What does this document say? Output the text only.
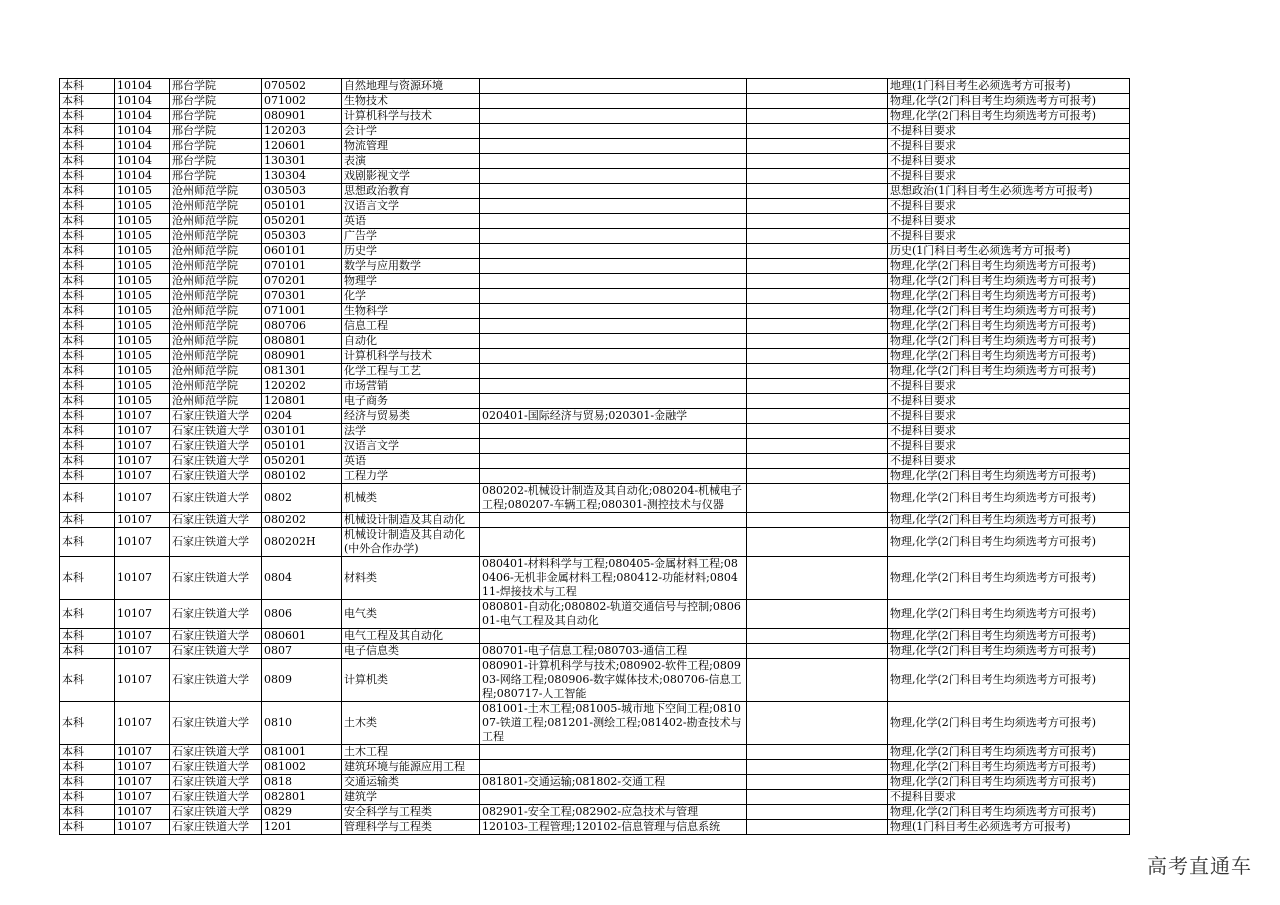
本科	10104	邢台学院	070502	自然地理与资源环境			地理(1门科目考生必须选考方可报考)
本科	10104	邢台学院	071002	生物技术			物理,化学(2门科目考生均须选考方可报考)
本科	10104	邢台学院	080901	计算机科学与技术			物理,化学(2门科目考生均须选考方可报考)
本科	10104	邢台学院	120203	会计学			不提科目要求
本科	10104	邢台学院	120601	物流管理			不提科目要求
本科	10104	邢台学院	130301	表演			不提科目要求
本科	10104	邢台学院	130304	戏剧影视文学			不提科目要求
本科	10105	沧州师范学院	030503	思想政治教育			思想政治(1门科目考生必须选考方可报考)
本科	10105	沧州师范学院	050101	汉语言文学			不提科目要求
本科	10105	沧州师范学院	050201	英语			不提科目要求
本科	10105	沧州师范学院	050303	广告学			不提科目要求
本科	10105	沧州师范学院	060101	历史学			历史(1门科目考生必须选考方可报考)
本科	10105	沧州师范学院	070101	数学与应用数学			物理,化学(2门科目考生均须选考方可报考)
本科	10105	沧州师范学院	070201	物理学			物理,化学(2门科目考生均须选考方可报考)
本科	10105	沧州师范学院	070301	化学			物理,化学(2门科目考生均须选考方可报考)
本科	10105	沧州师范学院	071001	生物科学			物理,化学(2门科目考生均须选考方可报考)
本科	10105	沧州师范学院	080706	信息工程			物理,化学(2门科目考生均须选考方可报考)
本科	10105	沧州师范学院	080801	自动化			物理,化学(2门科目考生均须选考方可报考)
本科	10105	沧州师范学院	080901	计算机科学与技术			物理,化学(2门科目考生均须选考方可报考)
本科	10105	沧州师范学院	081301	化学工程与工艺			物理,化学(2门科目考生均须选考方可报考)
本科	10105	沧州师范学院	120202	市场营销			不提科目要求
本科	10105	沧州师范学院	120801	电子商务			不提科目要求
本科	10107	石家庄铁道大学	0204	经济与贸易类	020401-国际经济与贸易;020301-金融学		不提科目要求
本科	10107	石家庄铁道大学	030101	法学			不提科目要求
本科	10107	石家庄铁道大学	050101	汉语言文学			不提科目要求
本科	10107	石家庄铁道大学	050201	英语			不提科目要求
本科	10107	石家庄铁道大学	080102	工程力学			物理,化学(2门科目考生均须选考方可报考)
本科	10107	石家庄铁道大学	0802	机械类	080202-机械设计制造及其自动化;080204-机械电子工程;080207-车辆工程;080301-测控技术与仪器		物理,化学(2门科目考生均须选考方可报考)
本科	10107	石家庄铁道大学	080202	机械设计制造及其自动化			物理,化学(2门科目考生均须选考方可报考)
本科	10107	石家庄铁道大学	080202H	机械设计制造及其自动化(中外合作办学)			物理,化学(2门科目考生均须选考方可报考)
本科	10107	石家庄铁道大学	0804	材料类	080401-材料科学与工程;080405-金属材料工程;080406-无机非金属材料工程;080412-功能材料;080411-焊接技术与工程		物理,化学(2门科目考生均须选考方可报考)
本科	10107	石家庄铁道大学	0806	电气类	080801-自动化;080802-轨道交通信号与控制;080601-电气工程及其自动化		物理,化学(2门科目考生均须选考方可报考)
本科	10107	石家庄铁道大学	080601	电气工程及其自动化			物理,化学(2门科目考生均须选考方可报考)
本科	10107	石家庄铁道大学	0807	电子信息类	080701-电子信息工程;080703-通信工程		物理,化学(2门科目考生均须选考方可报考)
本科	10107	石家庄铁道大学	0809	计算机类	080901-计算机科学与技术;080902-软件工程;080903-网络工程;080906-数字媒体技术;080706-信息工程;080717-人工智能		物理,化学(2门科目考生均须选考方可报考)
本科	10107	石家庄铁道大学	0810	土木类	081001-土木工程;081005-城市地下空间工程;081007-铁道工程;081201-测绘工程;081402-勘查技术与工程		物理,化学(2门科目考生均须选考方可报考)
本科	10107	石家庄铁道大学	081001	土木工程			物理,化学(2门科目考生均须选考方可报考)
本科	10107	石家庄铁道大学	081002	建筑环境与能源应用工程			物理,化学(2门科目考生均须选考方可报考)
本科	10107	石家庄铁道大学	0818	交通运输类	081801-交通运输;081802-交通工程		物理,化学(2门科目考生均须选考方可报考)
本科	10107	石家庄铁道大学	082801	建筑学			不提科目要求
本科	10107	石家庄铁道大学	0829	安全科学与工程类	082901-安全工程;082902-应急技术与管理		物理,化学(2门科目考生均须选考方可报考)
本科	10107	石家庄铁道大学	1201	管理科学与工程类	120103-工程管理;120102-信息管理与信息系统		物理(1门科目考生必须选考方可报考)
高考直通车
